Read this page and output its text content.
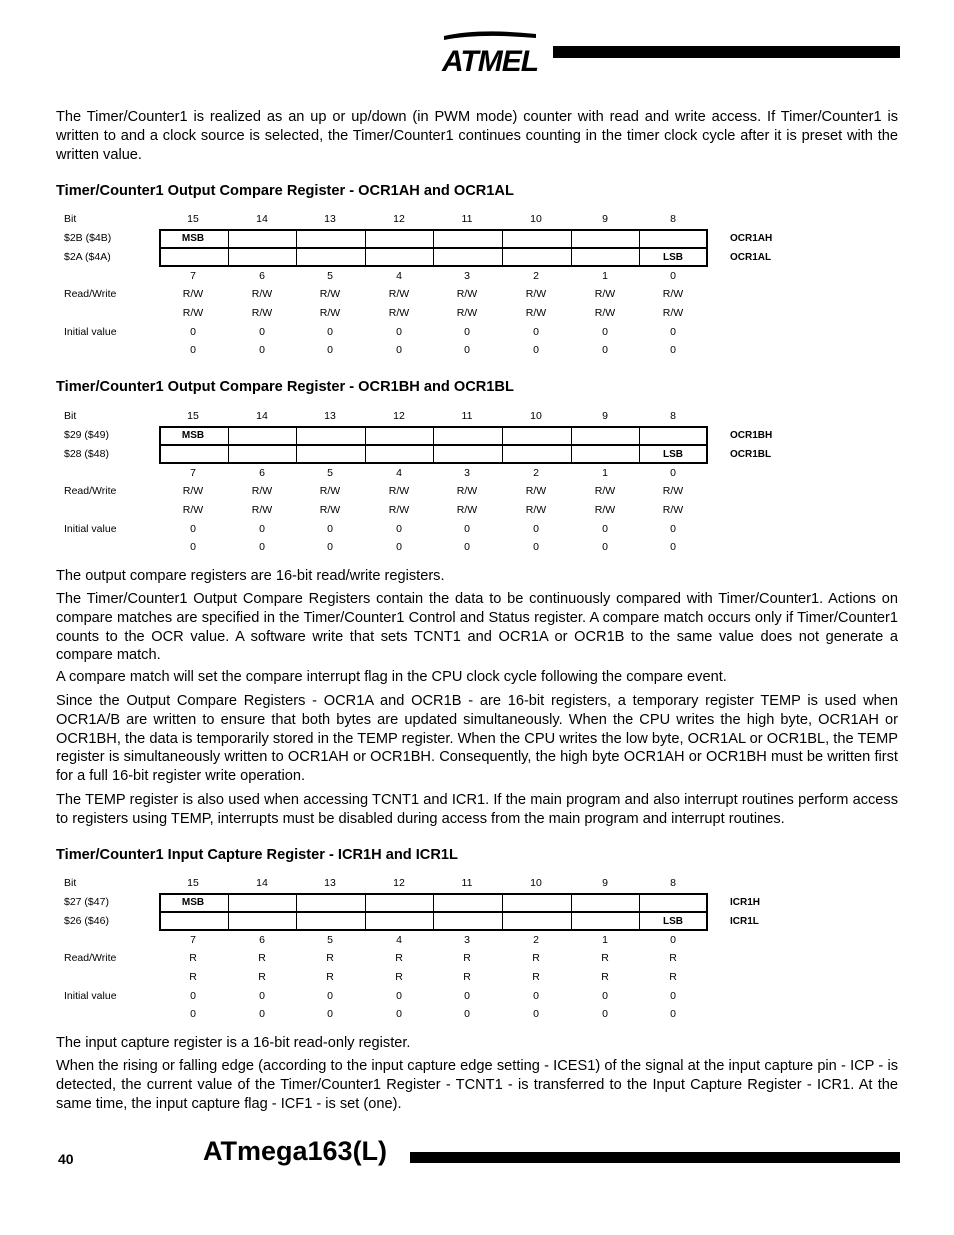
ATMEL

The Timer/Counter1 is realized as an up or up/down (in PWM mode) counter with read and write access. If Timer/Counter1 is written to and a clock source is selected, the Timer/Counter1 continues counting in the timer clock cycle after it is preset with the written value.

Timer/Counter1 Output Compare Register - OCR1AH and OCR1AL

Bit
$2B ($4B)
$2A ($4A)
Read/Write
Initial value
15
7
R/W
R/W
0
0
14
6
R/W
R/W
0
0
13
5
R/W
R/W
0
0
12
4
R/W
R/W
0
0
11
3
R/W
R/W
0
0
10
2
R/W
R/W
0
0
9
1
R/W
R/W
0
0
8
0
R/W
R/W
0
0
MSB
LSB
OCR1AH
OCR1AL

Timer/Counter1 Output Compare Register - OCR1BH and OCR1BL

Bit
$29 ($49)
$28 ($48)
Read/Write
Initial value
15
7
R/W
R/W
0
0
14
6
R/W
R/W
0
0
13
5
R/W
R/W
0
0
12
4
R/W
R/W
0
0
11
3
R/W
R/W
0
0
10
2
R/W
R/W
0
0
9
1
R/W
R/W
0
0
8
0
R/W
R/W
0
0
MSB
LSB
OCR1BH
OCR1BL

The output compare registers are 16-bit read/write registers.

The Timer/Counter1 Output Compare Registers contain the data to be continuously compared with Timer/Counter1. Actions on compare matches are specified in the Timer/Counter1 Control and Status register. A compare match occurs only if Timer/Counter1 counts to the OCR value. A software write that sets TCNT1 and OCR1A or OCR1B to the same value does not generate a compare match.

A compare match will set the compare interrupt flag in the CPU clock cycle following the compare event.

Since the Output Compare Registers - OCR1A and OCR1B - are 16-bit registers, a temporary register TEMP is used when OCR1A/B are written to ensure that both bytes are updated simultaneously. When the CPU writes the high byte, OCR1AH or OCR1BH, the data is temporarily stored in the TEMP register. When the CPU writes the low byte, OCR1AL or OCR1BL, the TEMP register is simultaneously written to OCR1AH or OCR1BH. Consequently, the high byte OCR1AH or OCR1BH must be written first for a full 16-bit register write operation.

The TEMP register is also used when accessing TCNT1 and ICR1. If the main program and also interrupt routines perform access to registers using TEMP, interrupts must be disabled during access from the main program and interrupt routines.

Timer/Counter1 Input Capture Register - ICR1H and ICR1L

Bit
$27 ($47)
$26 ($46)
Read/Write
Initial value
15
7
R
R
0
0
14
6
R
R
0
0
13
5
R
R
0
0
12
4
R
R
0
0
11
3
R
R
0
0
10
2
R
R
0
0
9
1
R
R
0
0
8
0
R
R
0
0
MSB
LSB
ICR1H
ICR1L

The input capture register is a 16-bit read-only register.

When the rising or falling edge (according to the input capture edge setting - ICES1) of the signal at the input capture pin - ICP - is detected, the current value of the Timer/Counter1 Register - TCNT1 - is transferred to the Input Capture Register - ICR1. At the same time, the input capture flag - ICF1 - is set (one).

40	ATmega163(L)
